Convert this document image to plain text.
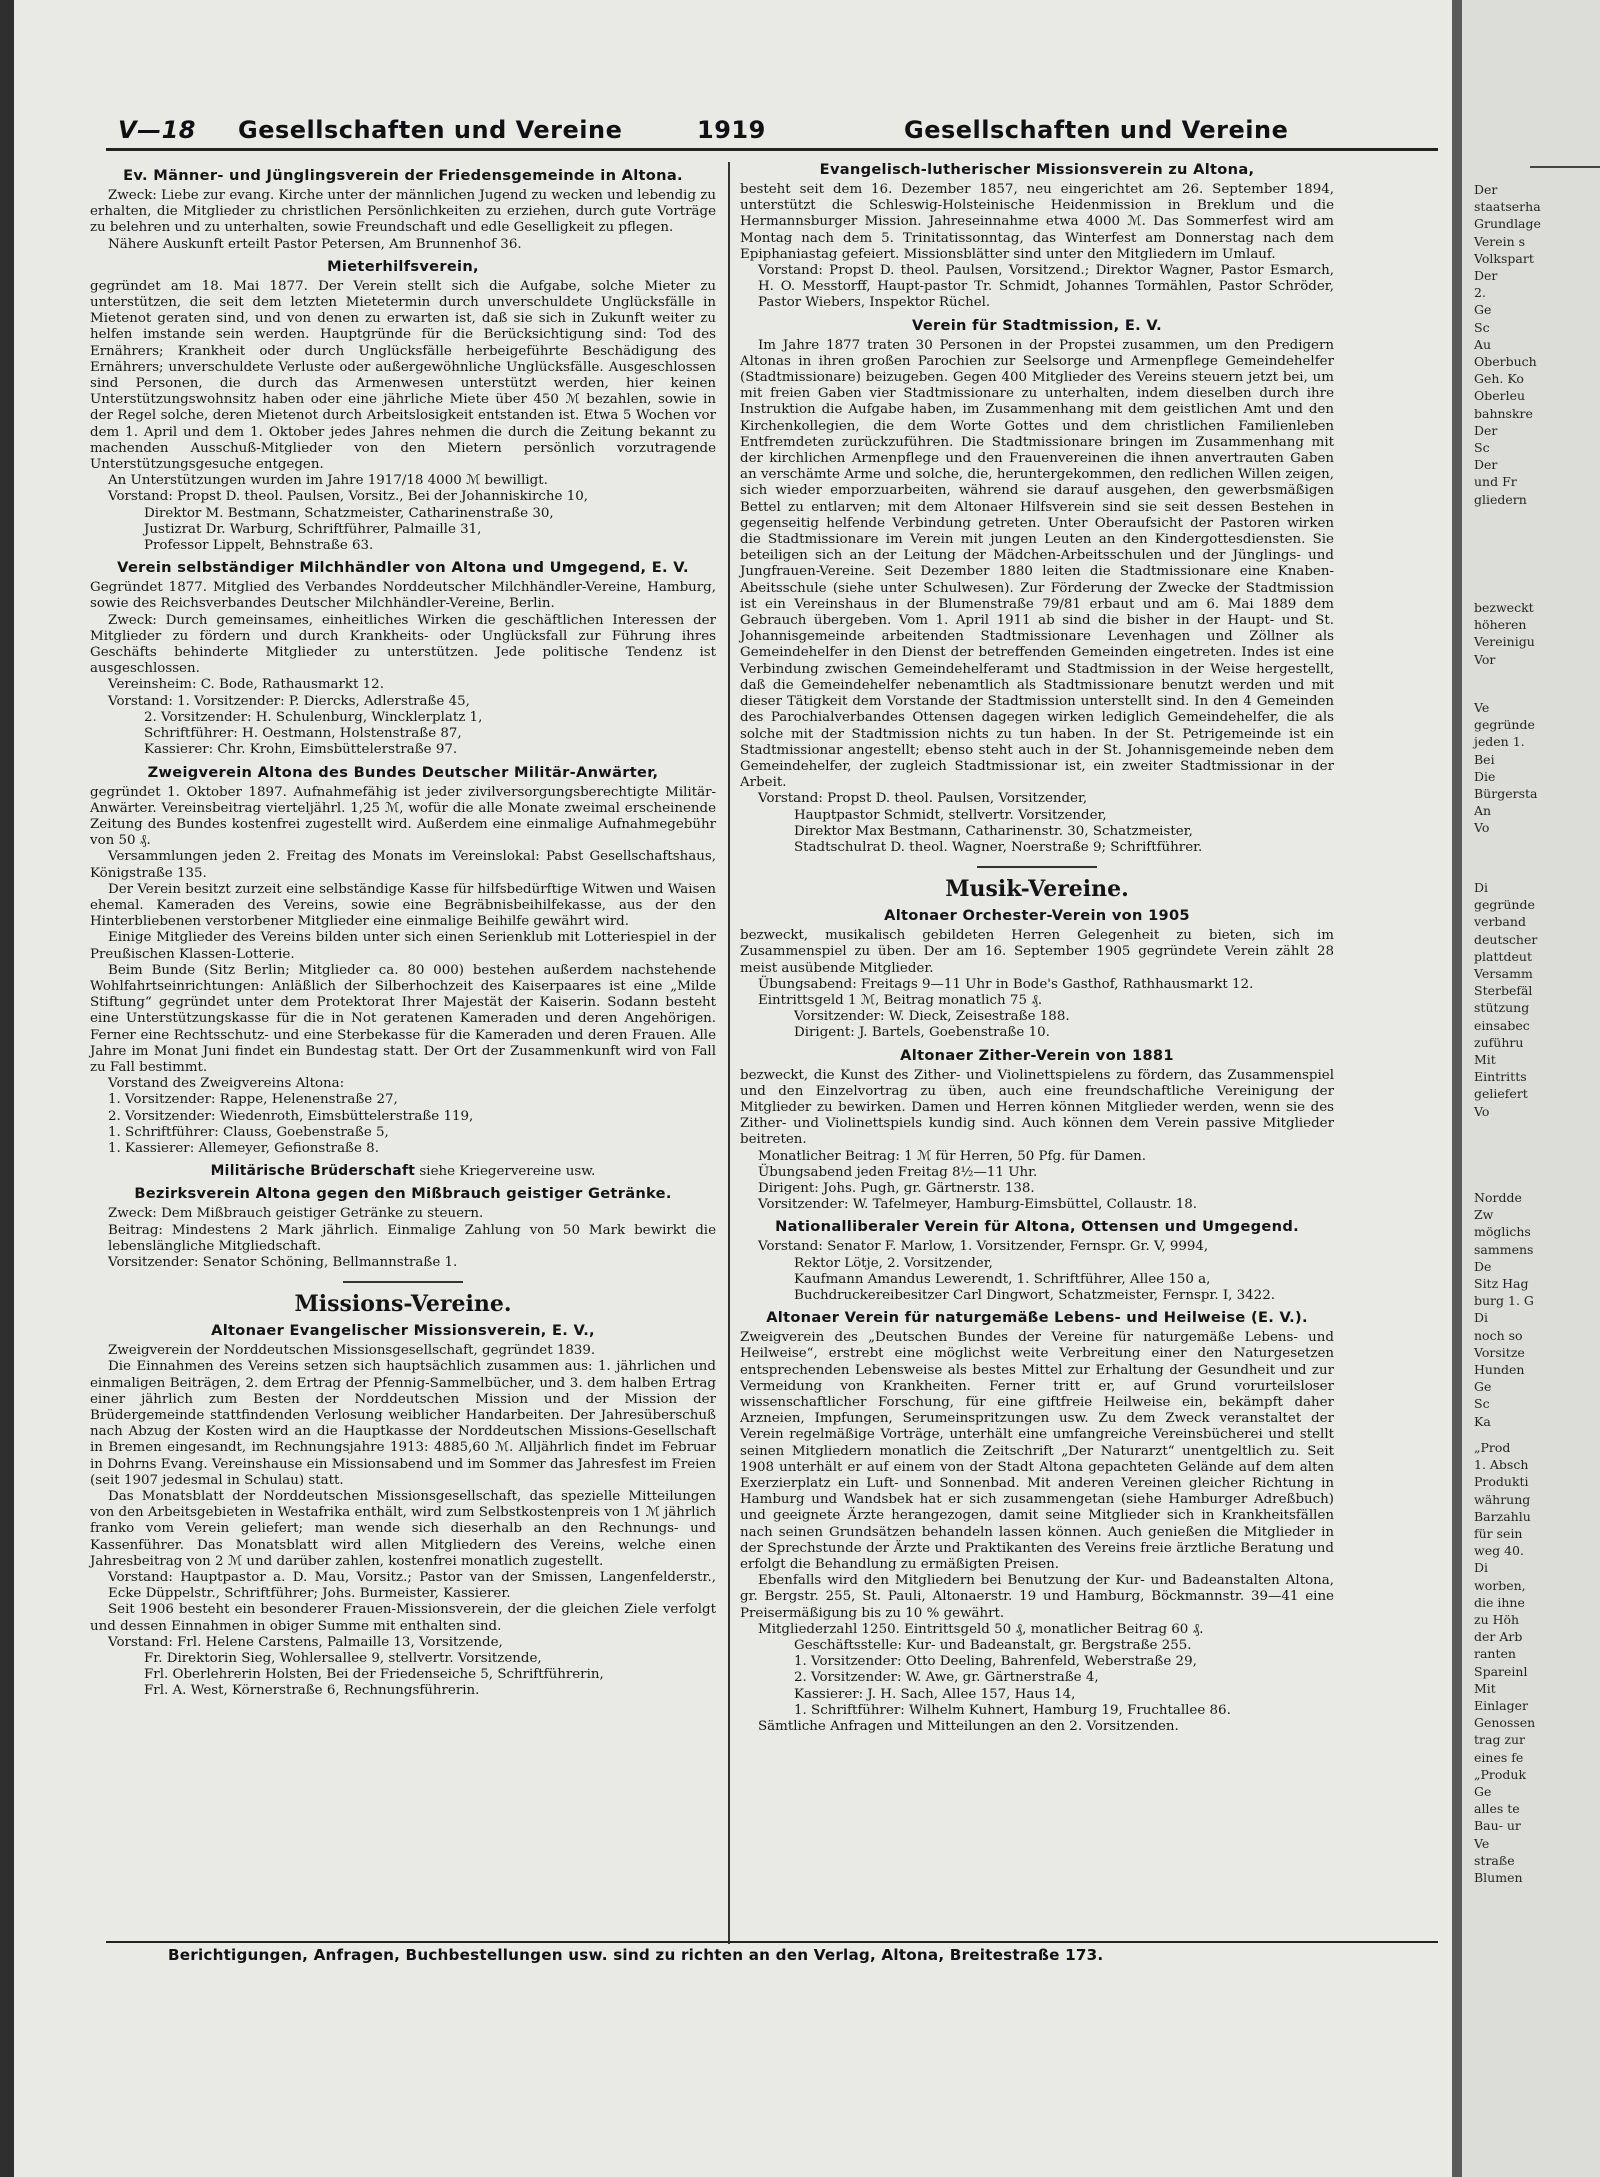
V—18 Gesellschaften und Vereine	1919	Gesellschaften und Vereine
Ev. Männer- und Jünglingsverein der Friedensgemeinde in Altona.

Zweck: Liebe zur evang. Kirche unter der männlichen Jugend zu wecken und lebendig zu erhalten, die Mitglieder zu christlichen Persönlichkeiten zu erziehen, durch gute Vorträge zu belehren und zu unterhalten, sowie Freundschaft und edle Geselligkeit zu pflegen.

Nähere Auskunft erteilt Pastor Petersen, Am Brunnenhof 36.

Mieterhilfsverein,

gegründet am 18. Mai 1877. Der Verein stellt sich die Aufgabe, solche Mieter zu unterstützen, die seit dem letzten Mietetermin durch unverschuldete Unglücksfälle in Mietenot geraten sind, und von denen zu erwarten ist, daß sie sich in Zukunft weiter zu helfen imstande sein werden. Hauptgründe für die Berücksichtigung sind: Tod des Ernährers; Krankheit oder durch Unglücksfälle herbeigeführte Beschädigung des Ernährers; unverschuldete Verluste oder außergewöhnliche Unglücksfälle. Ausgeschlossen sind Personen, die durch das Armenwesen unterstützt werden, hier keinen Unterstützungswohnsitz haben oder eine jährliche Miete über 450 ℳ bezahlen, sowie in der Regel solche, deren Mietenot durch Arbeitslosigkeit entstanden ist. Etwa 5 Wochen vor dem 1. April und dem 1. Oktober jedes Jahres nehmen die durch die Zeitung bekannt zu machenden Ausschuß-Mitglieder von den Mietern persönlich vorzutragende Unterstützungsgesuche entgegen.

An Unterstützungen wurden im Jahre 1917/18 4000 ℳ bewilligt.

Vorstand: Propst D. theol. Paulsen, Vorsitz., Bei der Johanniskirche 10,

Direktor M. Bestmann, Schatzmeister, Catharinenstraße 30,

Justizrat Dr. Warburg, Schriftführer, Palmaille 31,

Professor Lippelt, Behnstraße 63.

Verein selbständiger Milchhändler von Altona und Umgegend, E. V.

Gegründet 1877. Mitglied des Verbandes Norddeutscher Milchhändler-Vereine, Hamburg, sowie des Reichsverbandes Deutscher Milchhändler-Vereine, Berlin.

Zweck: Durch gemeinsames, einheitliches Wirken die geschäftlichen Interessen der Mitglieder zu fördern und durch Krankheits- oder Unglücksfall zur Führung ihres Geschäfts behinderte Mitglieder zu unterstützen. Jede politische Tendenz ist ausgeschlossen.

Vereinsheim: C. Bode, Rathausmarkt 12.

Vorstand: 1. Vorsitzender: P. Diercks, Adlerstraße 45,

2. Vorsitzender: H. Schulenburg, Wincklerplatz 1,

Schriftführer: H. Oestmann, Holstenstraße 87,

Kassierer: Chr. Krohn, Eimsbüttelerstraße 97.

Zweigverein Altona des Bundes Deutscher Militär-Anwärter,

gegründet 1. Oktober 1897. Aufnahmefähig ist jeder zivilversorgungsberechtigte Militär-Anwärter. Vereinsbeitrag vierteljährl. 1,25 ℳ, wofür die alle Monate zweimal erscheinende Zeitung des Bundes kostenfrei zugestellt wird. Außerdem eine einmalige Aufnahmegebühr von 50 ₰.

Versammlungen jeden 2. Freitag des Monats im Vereinslokal: Pabst Gesellschaftshaus, Königstraße 135.

Der Verein besitzt zurzeit eine selbständige Kasse für hilfsbedürftige Witwen und Waisen ehemal. Kameraden des Vereins, sowie eine Begräbnisbeihilfekasse, aus der den Hinterbliebenen verstorbener Mitglieder eine einmalige Beihilfe gewährt wird.

Einige Mitglieder des Vereins bilden unter sich einen Serienklub mit Lotteriespiel in der Preußischen Klassen-Lotterie.

Beim Bunde (Sitz Berlin; Mitglieder ca. 80 000) bestehen außerdem nachstehende Wohlfahrtseinrichtungen: Anläßlich der Silberhochzeit des Kaiserpaares ist eine „Milde Stiftung“ gegründet unter dem Protektorat Ihrer Majestät der Kaiserin. Sodann besteht eine Unterstützungskasse für die in Not geratenen Kameraden und deren Angehörigen. Ferner eine Rechtsschutz- und eine Sterbekasse für die Kameraden und deren Frauen. Alle Jahre im Monat Juni findet ein Bundestag statt. Der Ort der Zusammenkunft wird von Fall zu Fall bestimmt.

Vorstand des Zweigvereins Altona:

1. Vorsitzender: Rappe, Helenenstraße 27,

2. Vorsitzender: Wiedenroth, Eimsbüttelerstraße 119,

1. Schriftführer: Clauss, Goebenstraße 5,

1. Kassierer: Allemeyer, Gefionstraße 8.

Militärische Brüderschaft siehe Kriegervereine usw.

Bezirksverein Altona gegen den Mißbrauch geistiger Getränke.

Zweck: Dem Mißbrauch geistiger Getränke zu steuern.

Beitrag: Mindestens 2 Mark jährlich. Einmalige Zahlung von 50 Mark bewirkt die lebenslängliche Mitgliedschaft.

Vorsitzender: Senator Schöning, Bellmannstraße 1.

Missions-Vereine.
Altonaer Evangelischer Missionsverein, E. V.,

Zweigverein der Norddeutschen Missionsgesellschaft, gegründet 1839.

Die Einnahmen des Vereins setzen sich hauptsächlich zusammen aus: 1. jährlichen und einmaligen Beiträgen, 2. dem Ertrag der Pfennig-Sammelbücher, und 3. dem halben Ertrag einer jährlich zum Besten der Norddeutschen Mission und der Mission der Brüdergemeinde stattfindenden Verlosung weiblicher Handarbeiten. Der Jahresüberschuß nach Abzug der Kosten wird an die Hauptkasse der Norddeutschen Missions-Gesellschaft in Bremen eingesandt, im Rechnungsjahre 1913: 4885,60 ℳ. Alljährlich findet im Februar in Dohrns Evang. Vereinshause ein Missionsabend und im Sommer das Jahresfest im Freien (seit 1907 jedesmal in Schulau) statt.

Das Monatsblatt der Norddeutschen Missionsgesellschaft, das spezielle Mitteilungen von den Arbeitsgebieten in Westafrika enthält, wird zum Selbstkostenpreis von 1 ℳ jährlich franko vom Verein geliefert; man wende sich dieserhalb an den Rechnungs- und Kassenführer. Das Monatsblatt wird allen Mitgliedern des Vereins, welche einen Jahresbeitrag von 2 ℳ und darüber zahlen, kostenfrei monatlich zugestellt.

Vorstand: Hauptpastor a. D. Mau, Vorsitz.; Pastor van der Smissen, Langenfelderstr., Ecke Düppelstr., Schriftführer; Johs. Burmeister, Kassierer.

Seit 1906 besteht ein besonderer Frauen-Missionsverein, der die gleichen Ziele verfolgt und dessen Einnahmen in obiger Summe mit enthalten sind.

Vorstand: Frl. Helene Carstens, Palmaille 13, Vorsitzende,

Fr. Direktorin Sieg, Wohlersallee 9, stellvertr. Vorsitzende,

Frl. Oberlehrerin Holsten, Bei der Friedenseiche 5, Schriftführerin,

Frl. A. West, Körnerstraße 6, Rechnungsführerin.

Evangelisch-lutherischer Missionsverein zu Altona,

besteht seit dem 16. Dezember 1857, neu eingerichtet am 26. September 1894, unterstützt die Schleswig-Holsteinische Heidenmission in Breklum und die Hermannsburger Mission. Jahreseinnahme etwa 4000 ℳ. Das Sommerfest wird am Montag nach dem 5. Trinitatissonntag, das Winterfest am Donnerstag nach dem Epiphaniastag gefeiert. Missionsblätter sind unter den Mitgliedern im Umlauf.

Vorstand: Propst D. theol. Paulsen, Vorsitzend.; Direktor Wagner, Pastor Esmarch, H. O. Messtorff, Haupt-pastor Tr. Schmidt, Johannes Tormählen, Pastor Schröder, Pastor Wiebers, Inspektor Rüchel.

Verein für Stadtmission, E. V.

Im Jahre 1877 traten 30 Personen in der Propstei zusammen, um den Predigern Altonas in ihren großen Parochien zur Seelsorge und Armenpflege Gemeindehelfer (Stadtmissionare) beizugeben. Gegen 400 Mitglieder des Vereins steuern jetzt bei, um mit freien Gaben vier Stadtmissionare zu unterhalten, indem dieselben durch ihre Instruktion die Aufgabe haben, im Zusammenhang mit dem geistlichen Amt und den Kirchenkollegien, die dem Worte Gottes und dem christlichen Familienleben Entfremdeten zurückzuführen. Die Stadtmissionare bringen im Zusammenhang mit der kirchlichen Armenpflege und den Frauenvereinen die ihnen anvertrauten Gaben an verschämte Arme und solche, die, heruntergekommen, den redlichen Willen zeigen, sich wieder emporzuarbeiten, während sie darauf ausgehen, den gewerbsmäßigen Bettel zu entlarven; mit dem Altonaer Hilfsverein sind sie seit dessen Bestehen in gegenseitig helfende Verbindung getreten. Unter Oberaufsicht der Pastoren wirken die Stadtmissionare im Verein mit jungen Leuten an den Kindergottesdiensten. Sie beteiligen sich an der Leitung der Mädchen-Arbeitsschulen und der Jünglings- und Jungfrauen-Vereine. Seit Dezember 1880 leiten die Stadtmissionare eine Knaben-Abeitsschule (siehe unter Schulwesen). Zur Förderung der Zwecke der Stadtmission ist ein Vereinshaus in der Blumenstraße 79/81 erbaut und am 6. Mai 1889 dem Gebrauch übergeben. Vom 1. April 1911 ab sind die bisher in der Haupt- und St. Johannisgemeinde arbeitenden Stadtmissionare Levenhagen und Zöllner als Gemeindehelfer in den Dienst der betreffenden Gemeinden eingetreten. Indes ist eine Verbindung zwischen Gemeindehelferamt und Stadtmission in der Weise hergestellt, daß die Gemeindehelfer nebenamtlich als Stadtmissionare benutzt werden und mit dieser Tätigkeit dem Vorstande der Stadtmission unterstellt sind. In den 4 Gemeinden des Parochialverbandes Ottensen dagegen wirken lediglich Gemeindehelfer, die als solche mit der Stadtmission nichts zu tun haben. In der St. Petrigemeinde ist ein Stadtmissionar angestellt; ebenso steht auch in der St. Johannisgemeinde neben dem Gemeindehelfer, der zugleich Stadtmissionar ist, ein zweiter Stadtmissionar in der Arbeit.

Vorstand: Propst D. theol. Paulsen, Vorsitzender,

Hauptpastor Schmidt, stellvertr. Vorsitzender,

Direktor Max Bestmann, Catharinenstr. 30, Schatzmeister,

Stadtschulrat D. theol. Wagner, Noerstraße 9; Schriftführer.

Musik-Vereine.
Altonaer Orchester-Verein von 1905

bezweckt, musikalisch gebildeten Herren Gelegenheit zu bieten, sich im Zusammenspiel zu üben. Der am 16. September 1905 gegründete Verein zählt 28 meist ausübende Mitglieder.

Übungsabend: Freitags 9—11 Uhr in Bode's Gasthof, Rathhausmarkt 12.

Eintrittsgeld 1 ℳ, Beitrag monatlich 75 ₰.

Vorsitzender: W. Dieck, Zeisestraße 188.

Dirigent: J. Bartels, Goebenstraße 10.

Altonaer Zither-Verein von 1881

bezweckt, die Kunst des Zither- und Violinettspielens zu fördern, das Zusammenspiel und den Einzelvortrag zu üben, auch eine freundschaftliche Vereinigung der Mitglieder zu bewirken. Damen und Herren können Mitglieder werden, wenn sie des Zither- und Violinettspiels kundig sind. Auch können dem Verein passive Mitglieder beitreten.

Monatlicher Beitrag: 1 ℳ für Herren, 50 Pfg. für Damen.

Übungsabend jeden Freitag 8½—11 Uhr.

Dirigent: Johs. Pugh, gr. Gärtnerstr. 138.

Vorsitzender: W. Tafelmeyer, Hamburg-Eimsbüttel, Collaustr. 18.

Nationalliberaler Verein für Altona, Ottensen und Umgegend.

Vorstand: Senator F. Marlow, 1. Vorsitzender, Fernspr. Gr. V, 9994,

Rektor Lötje, 2. Vorsitzender,

Kaufmann Amandus Lewerendt, 1. Schriftführer, Allee 150 a,

Buchdruckereibesitzer Carl Dingwort, Schatzmeister, Fernspr. I, 3422.

Altonaer Verein für naturgemäße Lebens- und Heilweise (E. V.).

Zweigverein des „Deutschen Bundes der Vereine für naturgemäße Lebens- und Heilweise“, erstrebt eine möglichst weite Verbreitung einer den Naturgesetzen entsprechenden Lebensweise als bestes Mittel zur Erhaltung der Gesundheit und zur Vermeidung von Krankheiten. Ferner tritt er, auf Grund vorurteilsloser wissenschaftlicher Forschung, für eine giftfreie Heilweise ein, bekämpft daher Arzneien, Impfungen, Serumeinspritzungen usw. Zu dem Zweck veranstaltet der Verein regelmäßige Vorträge, unterhält eine umfangreiche Vereinsbücherei und stellt seinen Mitgliedern monatlich die Zeitschrift „Der Naturarzt“ unentgeltlich zu. Seit 1908 unterhält er auf einem von der Stadt Altona gepachteten Gelände auf dem alten Exerzierplatz ein Luft- und Sonnenbad. Mit anderen Vereinen gleicher Richtung in Hamburg und Wandsbek hat er sich zusammengetan (siehe Hamburger Adreßbuch) und geeignete Ärzte herangezogen, damit seine Mitglieder sich in Krankheitsfällen nach seinen Grundsätzen behandeln lassen können. Auch genießen die Mitglieder in der Sprechstunde der Ärzte und Praktikanten des Vereins freie ärztliche Beratung und erfolgt die Behandlung zu ermäßigten Preisen.

Ebenfalls wird den Mitgliedern bei Benutzung der Kur- und Badeanstalten Altona, gr. Bergstr. 255, St. Pauli, Altonaerstr. 19 und Hamburg, Böckmannstr. 39—41 eine Preisermäßigung bis zu 10 % gewährt.

Mitgliederzahl 1250. Eintrittsgeld 50 ₰, monatlicher Beitrag 60 ₰.

Geschäftsstelle: Kur- und Badeanstalt, gr. Bergstraße 255.

1. Vorsitzender: Otto Deeling, Bahrenfeld, Weberstraße 29,

2. Vorsitzender: W. Awe, gr. Gärtnerstraße 4,

Kassierer: J. H. Sach, Allee 157, Haus 14,

1. Schriftführer: Wilhelm Kuhnert, Hamburg 19, Fruchtallee 86.

Sämtliche Anfragen und Mitteilungen an den 2. Vorsitzenden.

Berichtigungen, Anfragen, Buchbestellungen usw. sind zu richten an den Verlag, Altona, Breitestraße 173.
Der
staatserha
Grundlage
Verein s
Volkspart
Der
2.
Ge
Sc
Au
Oberbuch
Geh. Ko
Oberleu
bahnskre
Der
Sc
Der
und Fr
gliedern
bezweckt
höheren
Vereinigu
Vor
Ve
gegründe
jeden 1.
Bei
Die
Bürgersta
An
Vo
Di
gegründe
verband
deutscher
plattdeut
Versamm
Sterbefäl
stützung
einsabec
zuführu
Mit
Eintritts
geliefert
Vo
Nordde
Zw
möglichs
sammens
De
Sitz Hag
burg 1. G
Di
noch so
Vorsitze
Hunden
Ge
Sc
Ka
„Prod
1. Absch
Produkti
währung
Barzahlu
für sein
weg 40.
Di
worben,
die ihne
zu Höh
der Arb
ranten
Spareinl
Mit
Einlager
Genossen
trag zur
eines fe
„Produk
Ge
alles te
Bau- ur
Ve
straße
Blumen
